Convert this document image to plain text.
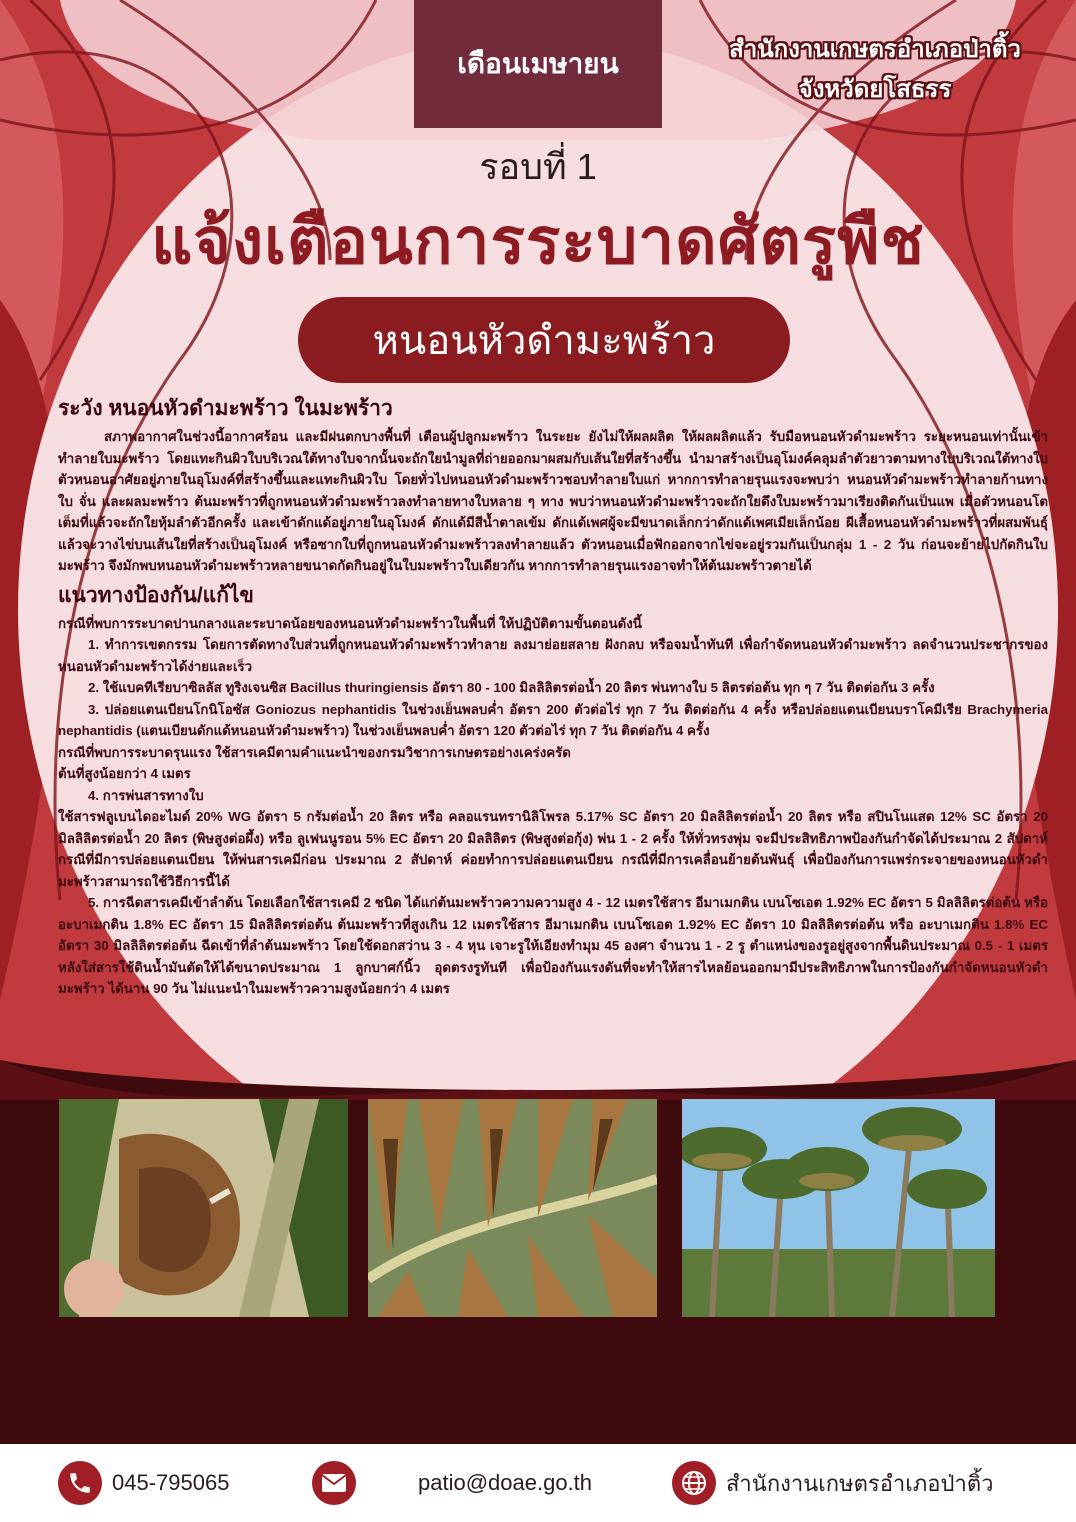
เดือนเมษายน	สำนักงานเกษตรอำเภอป่าติ้ว
จังหวัดยโสธรร
รอบที่ 1
แจ้งเตือนการระบาดศัตรูพืช
หนอนหัวดำมะพร้าว
ระวัง หนอนหัวดำมะพร้าว ในมะพร้าว

สภาพอากาศในช่วงนี้อากาศร้อน และมีฝนตกบางพื้นที่ เตือนผู้ปลูกมะพร้าว ในระยะ ยังไม่ให้ผลผลิต ให้ผลผลิตแล้ว รับมือหนอนหัวดำมะพร้าว ระยะหนอนเท่านั้นเข้าทำลายใบมะพร้าว โดยแทะกินผิวใบบริเวณใต้ทางใบจากนั้นจะถักใยนำมูลที่ถ่ายออกมาผสมกับเส้นใยที่สร้างขึ้น นำมาสร้างเป็นอุโมงค์คลุมลำตัวยาวตามทางใบบริเวณใต้ทางใบ ตัวหนอนอาศัยอยู่ภายในอุโมงค์ที่สร้างขึ้นและแทะกินผิวใบ โดยทั่วไปหนอนหัวดำมะพร้าวชอบทำลายใบแก่ หากการทำลายรุนแรงจะพบว่า หนอนหัวดำมะพร้าวทำลายก้านทางใบ จั่น และผลมะพร้าว ต้นมะพร้าวที่ถูกหนอนหัวดำมะพร้าวลงทำลายทางใบหลาย ๆ ทาง พบว่าหนอนหัวดำมะพร้าวจะถักใยดึงใบมะพร้าวมาเรียงติดกันเป็นแพ เมื่อตัวหนอนโตเต็มที่แล้วจะถักใยหุ้มลำตัวอีกครั้ง และเข้าดักแด้อยู่ภายในอุโมงค์ ดักแด้มีสีน้ำตาลเข้ม ดักแด้เพศผู้จะมีขนาดเล็กกว่าดักแด้เพศเมียเล็กน้อย ผีเสื้อหนอนหัวดำมะพร้าวที่ผสมพันธุ์แล้วจะวางไข่บนเส้นใยที่สร้างเป็นอุโมงค์ หรือซากใบที่ถูกหนอนหัวดำมะพร้าวลงทำลายแล้ว ตัวหนอนเมื่อฟักออกจากไข่จะอยู่รวมกันเป็นกลุ่ม 1 - 2 วัน ก่อนจะย้ายไปกัดกินใบมะพร้าว จึงมักพบหนอนหัวดำมะพร้าวหลายขนาดกัดกินอยู่ในใบมะพร้าวใบเดียวกัน หากการทำลายรุนแรงอาจทำให้ต้นมะพร้าวตายได้

แนวทางป้องกัน/แก้ไข

กรณีที่พบการระบาดปานกลางและระบาดน้อยของหนอนหัวดำมะพร้าวในพื้นที่ ให้ปฏิบัติตามขั้นตอนดังนี้

1. ทำการเขตกรรม โดยการตัดทางใบส่วนที่ถูกหนอนหัวดำมะพร้าวทำลาย ลงมาย่อยสลาย ฝังกลบ หรือจมน้ำทันที เพื่อกำจัดหนอนหัวดำมะพร้าว ลดจำนวนประชากรของหนอนหัวดำมะพร้าวได้ง่ายและเร็ว

2. ใช้แบคทีเรียบาซิลลัส ทูริงเจนซิส Bacillus thuringiensis อัตรา 80 - 100 มิลลิลิตรต่อน้ำ 20 ลิตร พ่นทางใบ 5 ลิตรต่อต้น ทุก ๆ 7 วัน ติดต่อกัน 3 ครั้ง

3. ปล่อยแตนเบียนโกนิโอซัส Goniozus nephantidis ในช่วงเย็นพลบค่ำ อัตรา 200 ตัวต่อไร่ ทุก 7 วัน ติดต่อกัน 4 ครั้ง หรือปล่อยแตนเบียนบราโคมีเรีย Brachymeria nephantidis (แตนเบียนดักแด้หนอนหัวดำมะพร้าว) ในช่วงเย็นพลบค่ำ อัตรา 120 ตัวต่อไร่ ทุก 7 วัน ติดต่อกัน 4 ครั้ง

กรณีที่พบการระบาดรุนแรง ใช้สารเคมีตามคำแนะนำของกรมวิชาการเกษตรอย่างเคร่งครัด

ต้นที่สูงน้อยกว่า 4 เมตร

4. การพ่นสารทางใบ

ใช้สารฟลูเบนไดอะไมด์ 20% WG อัตรา 5 กรัมต่อน้ำ 20 ลิตร หรือ คลอแรนทรานิลิโพรล 5.17% SC อัตรา 20 มิลลิลิตรต่อน้ำ 20 ลิตร หรือ สปินโนแสด 12% SC อัตรา 20 มิลลิลิตรต่อน้ำ 20 ลิตร (พิษสูงต่อผึ้ง) หรือ ลูเฟนนูรอน 5% EC อัตรา 20 มิลลิลิตร (พิษสูงต่อกุ้ง) พ่น 1 - 2 ครั้ง ให้ทั่วทรงพุ่ม จะมีประสิทธิภาพป้องกันกำจัดได้ประมาณ 2 สัปดาห์ กรณีที่มีการปล่อยแตนเบียน ให้พ่นสารเคมีก่อน ประมาณ 2 สัปดาห์ ค่อยทำการปล่อยแตนเบียน กรณีที่มีการเคลื่อนย้ายต้นพันธุ์ เพื่อป้องกันการแพร่กระจายของหนอนหัวดำมะพร้าวสามารถใช้วิธีการนี้ได้

5. การฉีดสารเคมีเข้าลำต้น โดยเลือกใช้สารเคมี 2 ชนิด ได้แก่ต้นมะพร้าวความความสูง 4 - 12 เมตรใช้สาร อีมาเมกติน เบนโซเอต 1.92% EC อัตรา 5 มิลลิลิตรต่อต้น หรือ อะบาเมกติน 1.8% EC อัตรา 15 มิลลิลิตรต่อต้น ต้นมะพร้าวที่สูงเกิน 12 เมตรใช้สาร อีมาเมกติน เบนโซเอต 1.92% EC อัตรา 10 มิลลิลิตรต่อต้น หรือ อะบาเมกติน 1.8% EC อัตรา 30 มิลลิลิตรต่อต้น ฉีดเข้าที่ลำต้นมะพร้าว โดยใช้ดอกสว่าน 3 - 4 หุน เจาะรูให้เอียงทำมุม 45 องศา จำนวน 1 - 2 รู ตำแหน่งของรูอยู่สูงจากพื้นดินประมาณ 0.5 - 1 เมตร หลังใส่สารใช้ดินน้ำมันตัดให้ได้ขนาดประมาณ 1 ลูกบาศก์นิ้ว อุดตรงรูทันที เพื่อป้องกันแรงดันที่จะทำให้สารไหลย้อนออกมามีประสิทธิภาพในการป้องกันกำจัดหนอนหัวดำมะพร้าว ได้นาน 90 วัน ไม่แนะนำในมะพร้าวความสูงน้อยกว่า 4 เมตร

045-795065	patio@doae.go.th	สำนักงานเกษตรอำเภอป่าติ้ว
